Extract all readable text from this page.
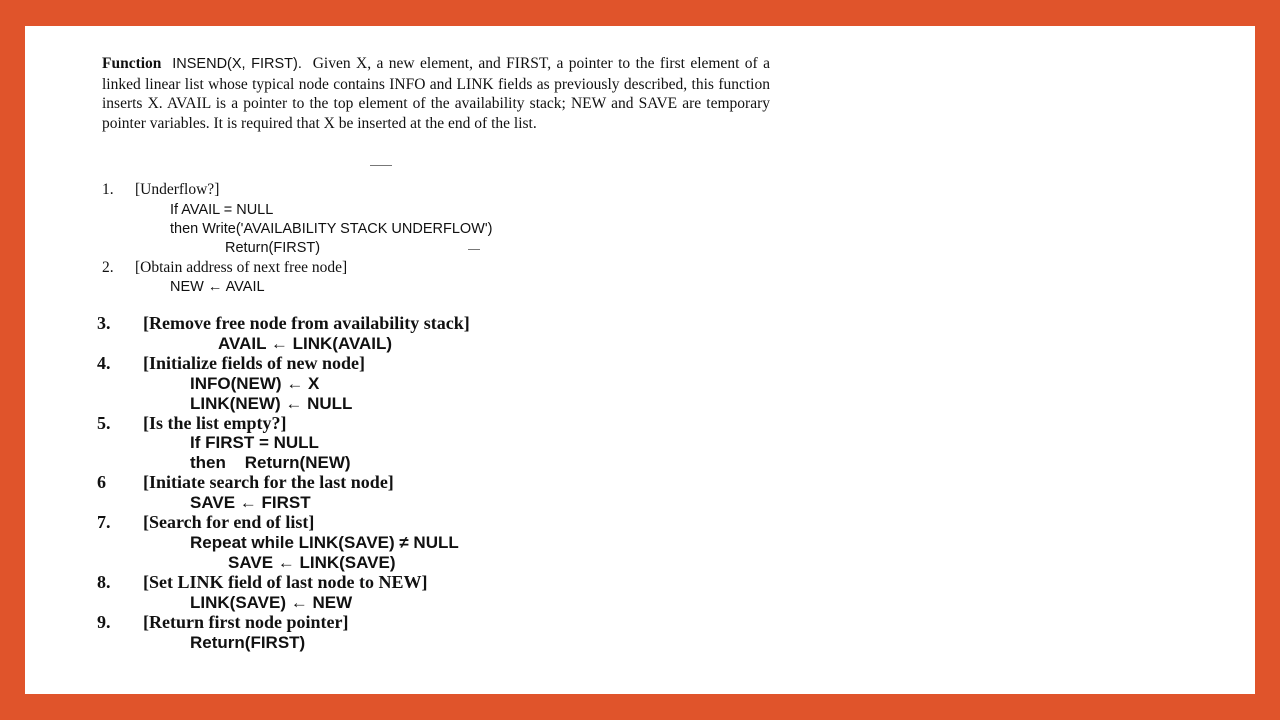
Function INSEND(X, FIRST). Given X, a new element, and FIRST, a pointer to the first element of a linked linear list whose typical node contains INFO and LINK fields as previously described, this function inserts X. AVAIL is a pointer to the top element of the availability stack; NEW and SAVE are temporary pointer variables. It is required that X be inserted at the end of the list.

1. [Underflow?]
If AVAIL = NULL
then Write('AVAILABILITY STACK UNDERFLOW')
Return(FIRST)
2. [Obtain address of next free node]
NEW ← AVAIL
3. [Remove free node from availability stack]
AVAIL ← LINK(AVAIL)
4. [Initialize fields of new node]
INFO(NEW) ← X
LINK(NEW) ← NULL
5. [Is the list empty?]
If FIRST = NULL
then    Return(NEW)
6 [Initiate search for the last node]
SAVE ← FIRST
7. [Search for end of list]
Repeat while LINK(SAVE) ≠ NULL
SAVE ← LINK(SAVE)
8. [Set LINK field of last node to NEW]
LINK(SAVE) ← NEW
9. [Return first node pointer]
Return(FIRST)
